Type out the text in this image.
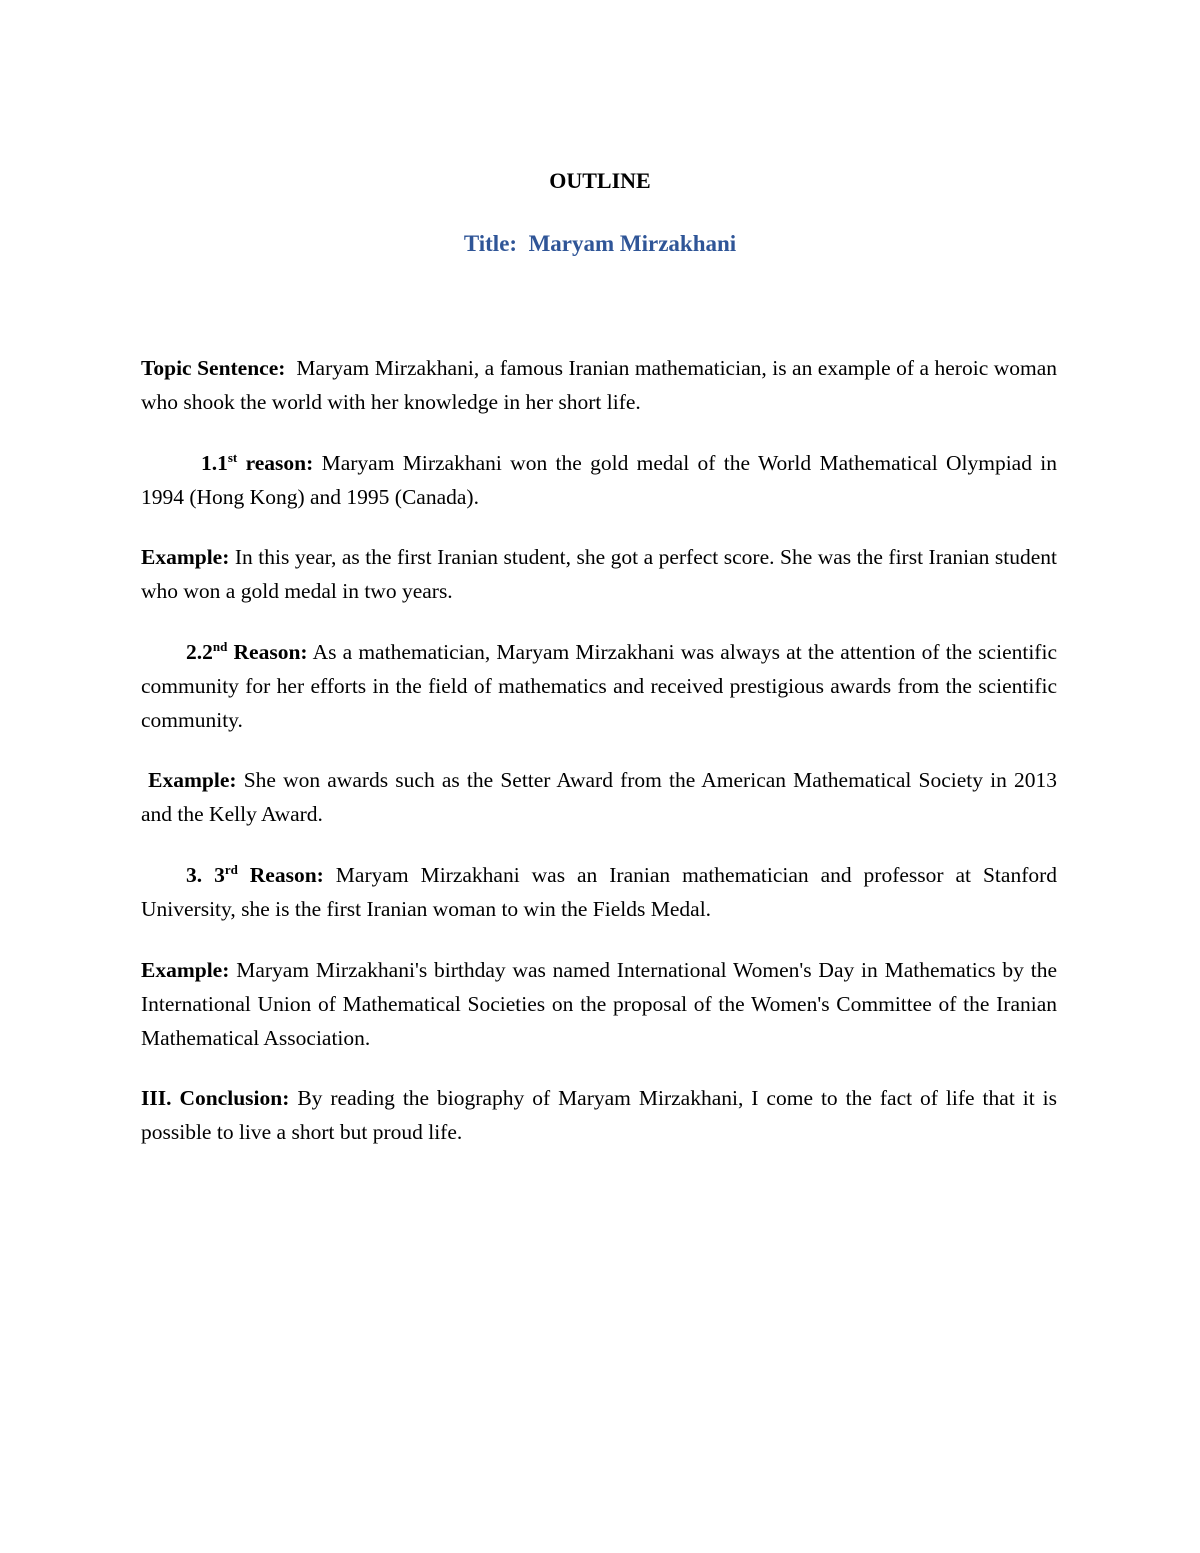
OUTLINE
Title: Maryam Mirzakhani

Topic Sentence: Maryam Mirzakhani, a famous Iranian mathematician, is an example of a heroic woman who shook the world with her knowledge in her short life.

1.1st reason: Maryam Mirzakhani won the gold medal of the World Mathematical Olympiad in 1994 (Hong Kong) and 1995 (Canada).

Example: In this year, as the first Iranian student, she got a perfect score. She was the first Iranian student who won a gold medal in two years.

2.2nd Reason: As a mathematician, Maryam Mirzakhani was always at the attention of the scientific community for her efforts in the field of mathematics and received prestigious awards from the scientific community.

Example: She won awards such as the Setter Award from the American Mathematical Society in 2013 and the Kelly Award.

3. 3rd Reason: Maryam Mirzakhani was an Iranian mathematician and professor at Stanford University, she is the first Iranian woman to win the Fields Medal.

Example: Maryam Mirzakhani's birthday was named International Women's Day in Mathematics by the International Union of Mathematical Societies on the proposal of the Women's Committee of the Iranian Mathematical Association.

III. Conclusion: By reading the biography of Maryam Mirzakhani, I come to the fact of life that it is possible to live a short but proud life.
